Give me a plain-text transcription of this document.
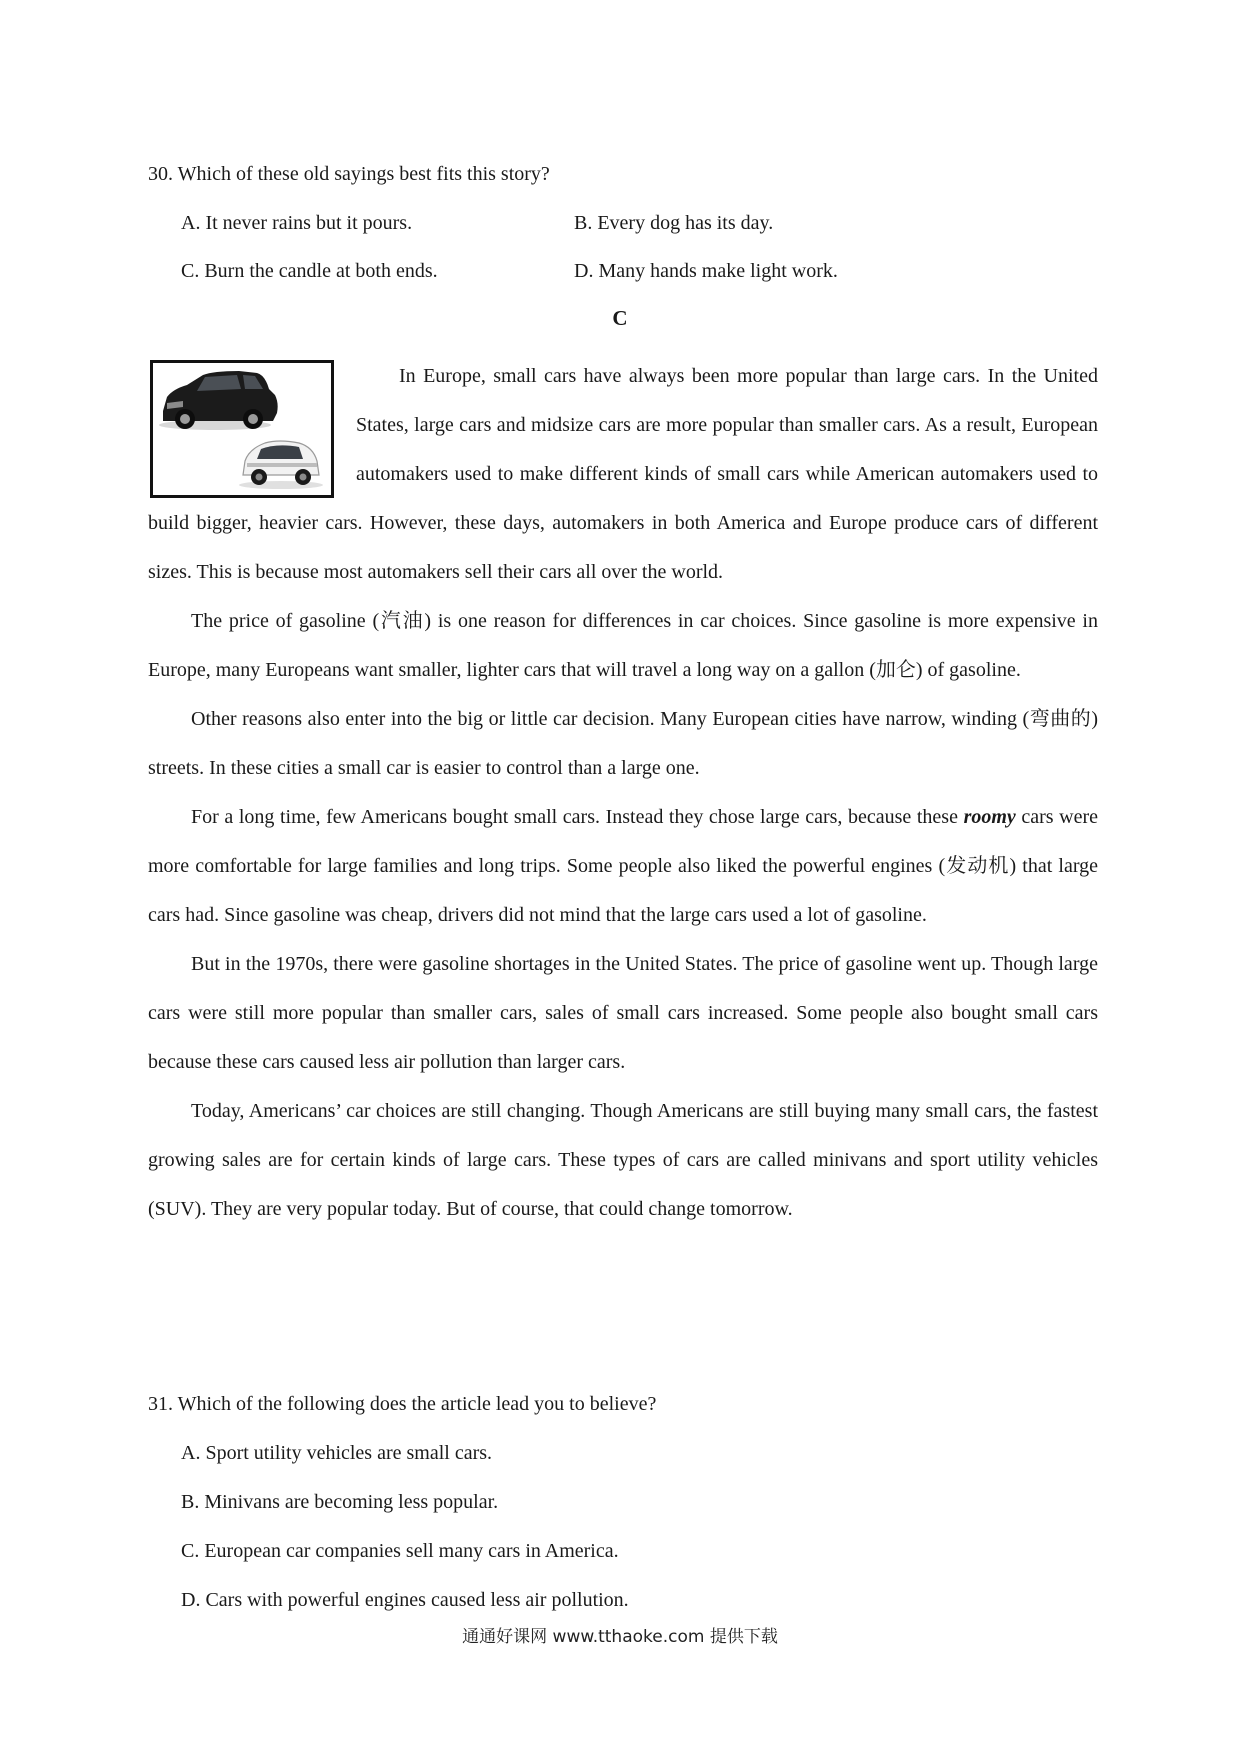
30. Which of these old sayings best fits this story?

A. It never rains but it pours.	B. Every dog has its day.
C. Burn the candle at both ends.	D. Many hands make light work.

C

In Europe, small cars have always been more popular than large cars. In the United States, large cars and midsize cars are more popular than smaller cars. As a result, European automakers used to make different kinds of small cars while American automakers used to build bigger, heavier cars. However, these days, automakers in both America and Europe produce cars of different sizes. This is because most automakers sell their cars all over the world.

The price of gasoline (汽油) is one reason for differences in car choices. Since gasoline is more expensive in Europe, many Europeans want smaller, lighter cars that will travel a long way on a gallon (加仑) of gasoline.

Other reasons also enter into the big or little car decision. Many European cities have narrow, winding (弯曲的) streets. In these cities a small car is easier to control than a large one.

For a long time, few Americans bought small cars. Instead they chose large cars, because these roomy cars were more comfortable for large families and long trips. Some people also liked the powerful engines (发动机) that large cars had. Since gasoline was cheap, drivers did not mind that the large cars used a lot of gasoline.

But in the 1970s, there were gasoline shortages in the United States. The price of gasoline went up. Though large cars were still more popular than smaller cars, sales of small cars increased. Some people also bought small cars because these cars caused less air pollution than larger cars.

Today, Americans’ car choices are still changing. Though Americans are still buying many small cars, the fastest growing sales are for certain kinds of large cars. These types of cars are called minivans and sport utility vehicles (SUV). They are very popular today. But of course, that could change tomorrow.

31. Which of the following does the article lead you to believe?

A. Sport utility vehicles are small cars.
B. Minivans are becoming less popular.
C. European car companies sell many cars in America.
D. Cars with powerful engines caused less air pollution.
通通好课网 www.tthaoke.com 提供下载
